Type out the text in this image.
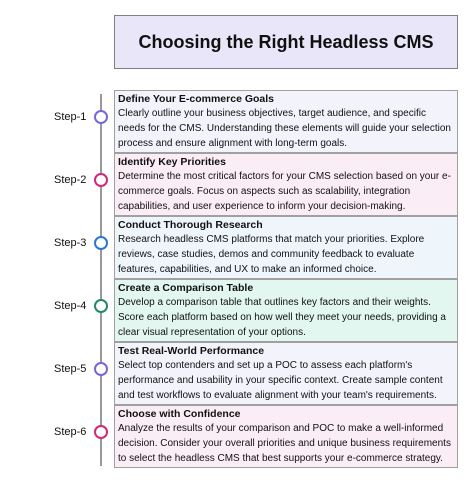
Choosing the Right Headless CMS
Step-1
Define Your E-commerce Goals
Clearly outline your business objectives, target audience, and specific needs for the CMS. Understanding these elements will guide your selection process and ensure alignment with long-term goals.
Step-2
Identify Key Priorities
Determine the most critical factors for your CMS selection based on your e-commerce goals. Focus on aspects such as scalability, integration capabilities, and user experience to inform your decision-making.
Step-3
Conduct Thorough Research
Research headless CMS platforms that match your priorities. Explore reviews, case studies, demos and community feedback to evaluate features, capabilities, and UX to make an informed choice.
Step-4
Create a Comparison Table
Develop a comparison table that outlines key factors and their weights. Score each platform based on how well they meet your needs, providing a clear visual representation of your options.
Step-5
Test Real-World Performance
Select top contenders and set up a POC to assess each platform's performance and usability in your specific context. Create sample content and test workflows to evaluate alignment with your team's requirements.
Step-6
Choose with Confidence
Analyze the results of your comparison and POC to make a well-informed decision. Consider your overall priorities and unique business requirements to select the headless CMS that best supports your e-commerce strategy.
